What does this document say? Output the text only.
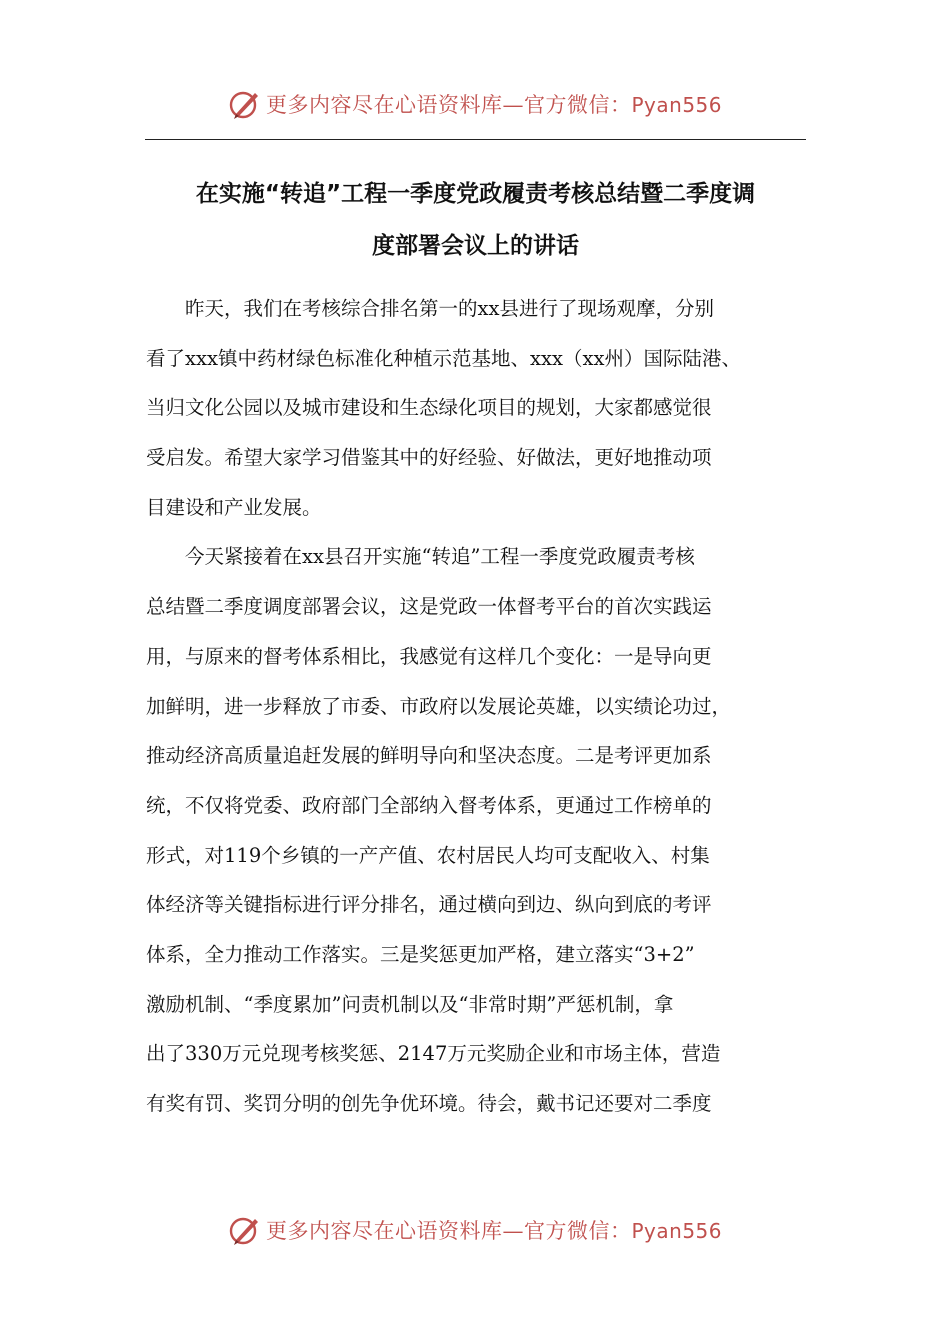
更多内容尽在心语资料库—官方微信：Pyan556
在实施“转追”工程一季度党政履责考核总结暨二季度调
度部署会议上的讲话
　　昨天，我们在考核综合排名第一的xx县进行了现场观摩，分别
看了xxx镇中药材绿色标准化种植示范基地、xxx（xx州）国际陆港、
当归文化公园以及城市建设和生态绿化项目的规划，大家都感觉很
受启发。希望大家学习借鉴其中的好经验、好做法，更好地推动项
目建设和产业发展。
　　今天紧接着在xx县召开实施“转追”工程一季度党政履责考核
总结暨二季度调度部署会议，这是党政一体督考平台的首次实践运
用，与原来的督考体系相比，我感觉有这样几个变化：一是导向更
加鲜明，进一步释放了市委、市政府以发展论英雄，以实绩论功过，
推动经济高质量追赶发展的鲜明导向和坚决态度。二是考评更加系
统，不仅将党委、政府部门全部纳入督考体系，更通过工作榜单的
形式，对119个乡镇的一产产值、农村居民人均可支配收入、村集
体经济等关键指标进行评分排名，通过横向到边、纵向到底的考评
体系，全力推动工作落实。三是奖惩更加严格，建立落实“3+2”
激励机制、“季度累加”问责机制以及“非常时期”严惩机制，拿
出了330万元兑现考核奖惩、2147万元奖励企业和市场主体，营造
有奖有罚、奖罚分明的创先争优环境。待会，戴书记还要对二季度
更多内容尽在心语资料库—官方微信：Pyan556
